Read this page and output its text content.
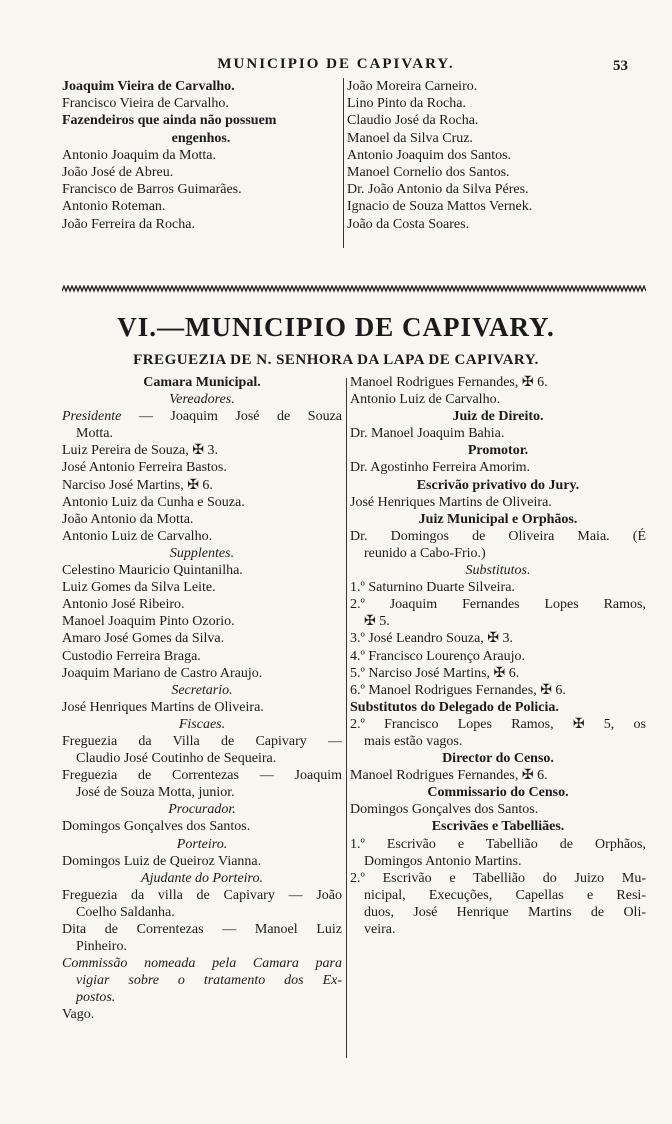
MUNICIPIO DE CAPIVARY.	53
Joaquim Vieira de Carvalho.
Francisco Vieira de Carvalho.
Fazendeiros que ainda não possuem
engenhos.
Antonio Joaquim da Motta.
João José de Abreu.
Francisco de Barros Guimarães.
Antonio Roteman.
João Ferreira da Rocha.
João Moreira Carneiro.
Lino Pinto da Rocha.
Claudio José da Rocha.
Manoel da Silva Cruz.
Antonio Joaquim dos Santos.
Manoel Cornelio dos Santos.
Dr. João Antonio da Silva Péres.
Ignacio de Souza Mattos Vernek.
João da Costa Soares.
VI.—MUNICIPIO DE CAPIVARY.
FREGUEZIA DE N. SENHORA DA LAPA DE CAPIVARY.
Camara Municipal.
Vereadores.
Presidente — Joaquim José de Souza
Motta.
Luiz Pereira de Souza, ✠ 3.
José Antonio Ferreira Bastos.
Narciso José Martins, ✠ 6.
Antonio Luiz da Cunha e Souza.
João Antonio da Motta.
Antonio Luiz de Carvalho.
Supplentes.
Celestino Mauricio Quintanilha.
Luiz Gomes da Silva Leite.
Antonio José Ribeiro.
Manoel Joaquim Pinto Ozorio.
Amaro José Gomes da Silva.
Custodio Ferreira Braga.
Joaquim Mariano de Castro Araujo.
Secretario.
José Henriques Martins de Oliveira.
Fiscaes.
Freguezia da Villa de Capivary —
Claudio José Coutinho de Sequeira.
Freguezia de Correntezas — Joaquim
José de Souza Motta, junior.
Procurador.
Domingos Gonçalves dos Santos.
Porteiro.
Domingos Luiz de Queiroz Vianna.
Ajudante do Porteiro.
Freguezia da villa de Capivary — João
Coelho Saldanha.
Dita de Correntezas — Manoel Luiz
Pinheiro.
Commissão nomeada pela Camara para
vigiar sobre o tratamento dos Ex-
postos.
Vago.
Manoel Rodrigues Fernandes, ✠ 6.
Antonio Luiz de Carvalho.
Juiz de Direito.
Dr. Manoel Joaquim Bahia.
Promotor.
Dr. Agostinho Ferreira Amorim.
Escrivão privativo do Jury.
José Henriques Martins de Oliveira.
Juiz Municipal e Orphãos.
Dr. Domingos de Oliveira Maia. (É
reunido a Cabo-Frio.)
Substitutos.
1.º Saturnino Duarte Silveira.
2.º Joaquim Fernandes Lopes Ramos,
✠ 5.
3.º José Leandro Souza, ✠ 3.
4.º Francisco Lourenço Araujo.
5.º Narciso José Martins, ✠ 6.
6.º Manoel Rodrigues Fernandes, ✠ 6.
Substitutos do Delegado de Policia.
2.º Francisco Lopes Ramos, ✠ 5, os
mais estão vagos.
Director do Censo.
Manoel Rodrigues Fernandes, ✠ 6.
Commissario do Censo.
Domingos Gonçalves dos Santos.
Escrivães e Tabelliães.
1.º Escrivão e Tabellião de Orphãos,
Domingos Antonio Martins.
2.º Escrivão e Tabellião do Juizo Mu-
nicipal, Execuções, Capellas e Resi-
duos, José Henrique Martins de Oli-
veira.
